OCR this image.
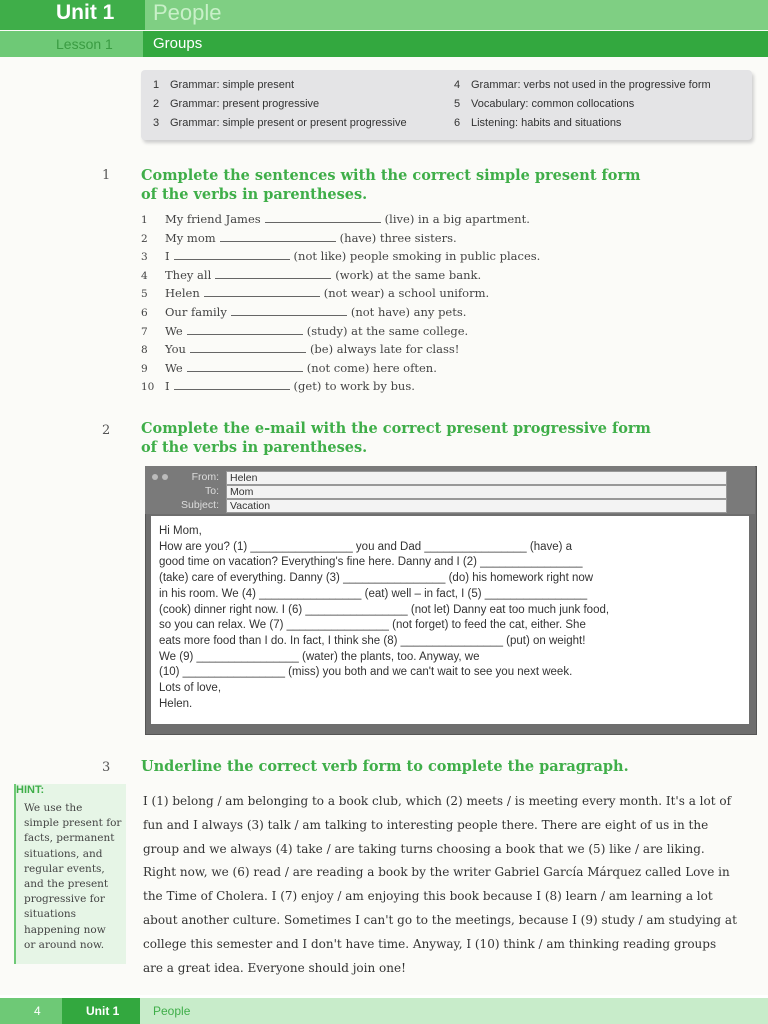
Unit 1 People
Lesson 1	Groups
1 Grammar: simple present
2 Grammar: present progressive
3 Grammar: simple present or present progressive
4 Grammar: verbs not used in the progressive form
5 Vocabulary: common collocations
6 Listening: habits and situations
1 Complete the sentences with the correct simple present form
of the verbs in parentheses.
1 My friend James	(live) in a big apartment.
2 My mom	(have) three sisters.
3 I	(not like) people smoking in public places.
4 They all	(work) at the same bank.
5 Helen	(not wear) a school uniform.
6 Our family	(not have) any pets.
7 We	(study) at the same college.
8 You	(be) always late for class!
9 We	(not come) here often.
10 I	(get) to work by bus.
2 Complete the e-mail with the correct present progressive form
of the verbs in parentheses.
From:	Helen
To:	Mom
Subject:	Vacation
Hi Mom,
How are you? (1) ________________ you and Dad ________________ (have) a
good time on vacation? Everything's fine here. Danny and I (2) ________________
(take) care of everything. Danny (3) ________________ (do) his homework right now
in his room. We (4) ________________ (eat) well – in fact, I (5) ________________
(cook) dinner right now. I (6) ________________ (not let) Danny eat too much junk food,
so you can relax. We (7) ________________ (not forget) to feed the cat, either. She
eats more food than I do. In fact, I think she (8) ________________ (put) on weight!
We (9) ________________ (water) the plants, too. Anyway, we
(10) ________________ (miss) you both and we can't wait to see you next week.
Lots of love,
Helen.
3 Underline the correct verb form to complete the paragraph.
HINT:
We use the
simple present for
facts, permanent
situations, and
regular events,
and the present
progressive for
situations
happening now
or around now.
I (1) belong / am belonging to a book club, which (2) meets / is meeting every month. It's a lot of
fun and I always (3) talk / am talking to interesting people there. There are eight of us in the
group and we always (4) take / are taking turns choosing a book that we (5) like / are liking.
Right now, we (6) read / are reading a book by the writer Gabriel García Márquez called Love in
the Time of Cholera. I (7) enjoy / am enjoying this book because I (8) learn / am learning a lot
about another culture. Sometimes I can't go to the meetings, because I (9) study / am studying at
college this semester and I don't have time. Anyway, I (10) think / am thinking reading groups
are a great idea. Everyone should join one!
4	Unit 1	People
